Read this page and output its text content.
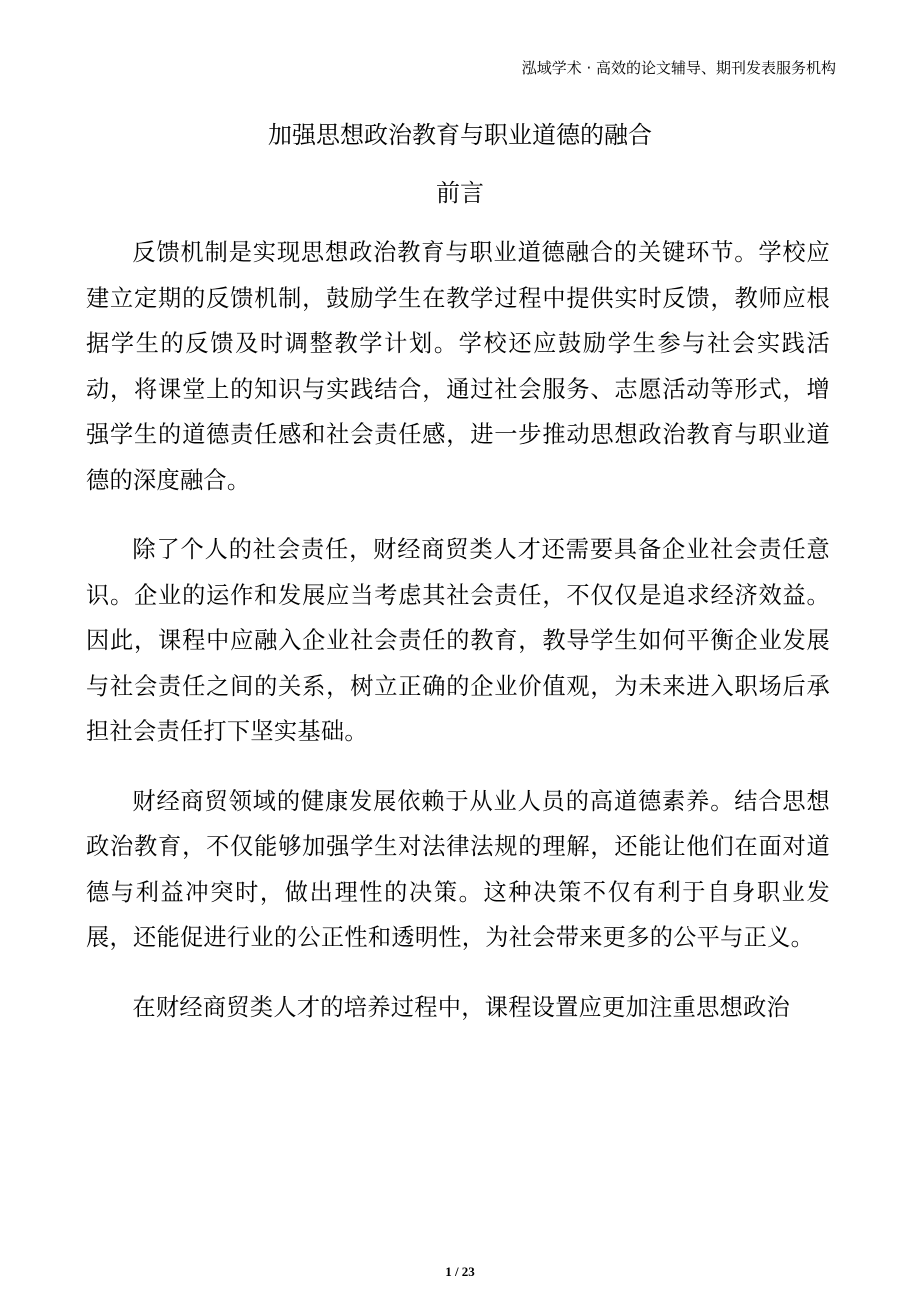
泓域学术 · 高效的论文辅导、期刊发表服务机构
加强思想政治教育与职业道德的融合
前言

反馈机制是实现思想政治教育与职业道德融合的关键环节。学校应建立定期的反馈机制，鼓励学生在教学过程中提供实时反馈，教师应根据学生的反馈及时调整教学计划。学校还应鼓励学生参与社会实践活动，将课堂上的知识与实践结合，通过社会服务、志愿活动等形式，增强学生的道德责任感和社会责任感，进一步推动思想政治教育与职业道德的深度融合。

除了个人的社会责任，财经商贸类人才还需要具备企业社会责任意识。企业的运作和发展应当考虑其社会责任，不仅仅是追求经济效益。因此，课程中应融入企业社会责任的教育，教导学生如何平衡企业发展与社会责任之间的关系，树立正确的企业价值观，为未来进入职场后承担社会责任打下坚实基础。

财经商贸领域的健康发展依赖于从业人员的高道德素养。结合思想政治教育，不仅能够加强学生对法律法规的理解，还能让他们在面对道德与利益冲突时，做出理性的决策。这种决策不仅有利于自身职业发展，还能促进行业的公正性和透明性，为社会带来更多的公平与正义。

在财经商贸类人才的培养过程中，课程设置应更加注重思想政治

1 / 23
